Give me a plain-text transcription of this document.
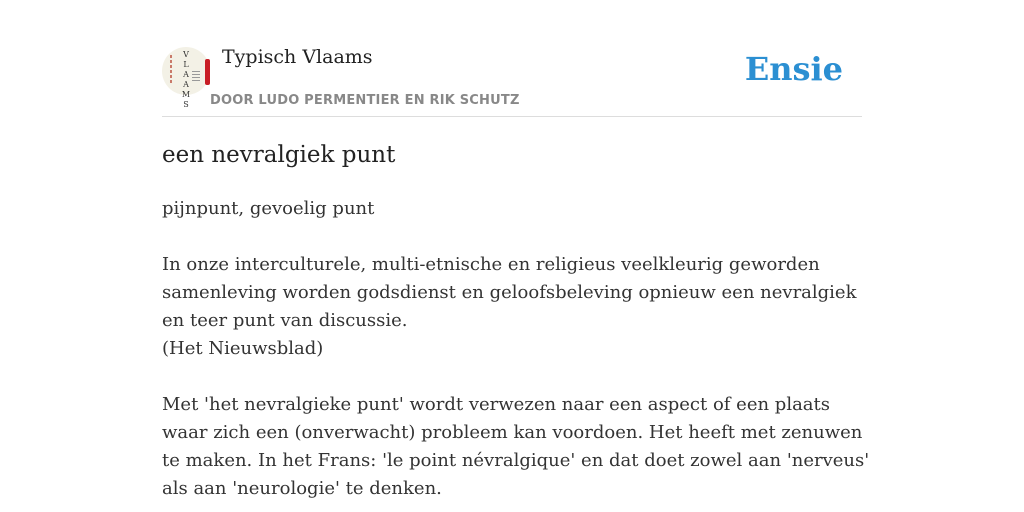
VLAAMS
Typisch Vlaams
DOOR LUDO PERMENTIER EN RIK SCHUTZ
Ensie
een nevralgiek punt

pijnpunt, gevoelig punt

In onze interculturele, multi-etnische en religieus veelkleurig geworden samenleving worden godsdienst en geloofsbeleving opnieuw een nevralgiek en teer punt van discussie.

(Het Nieuwsblad)

Met 'het nevralgieke punt' wordt verwezen naar een aspect of een plaats waar zich een (onverwacht) probleem kan voordoen. Het heeft met zenuwen te maken. In het Frans: 'le point névralgique' en dat doet zowel aan 'nerveus' als aan 'neurologie' te denken.
